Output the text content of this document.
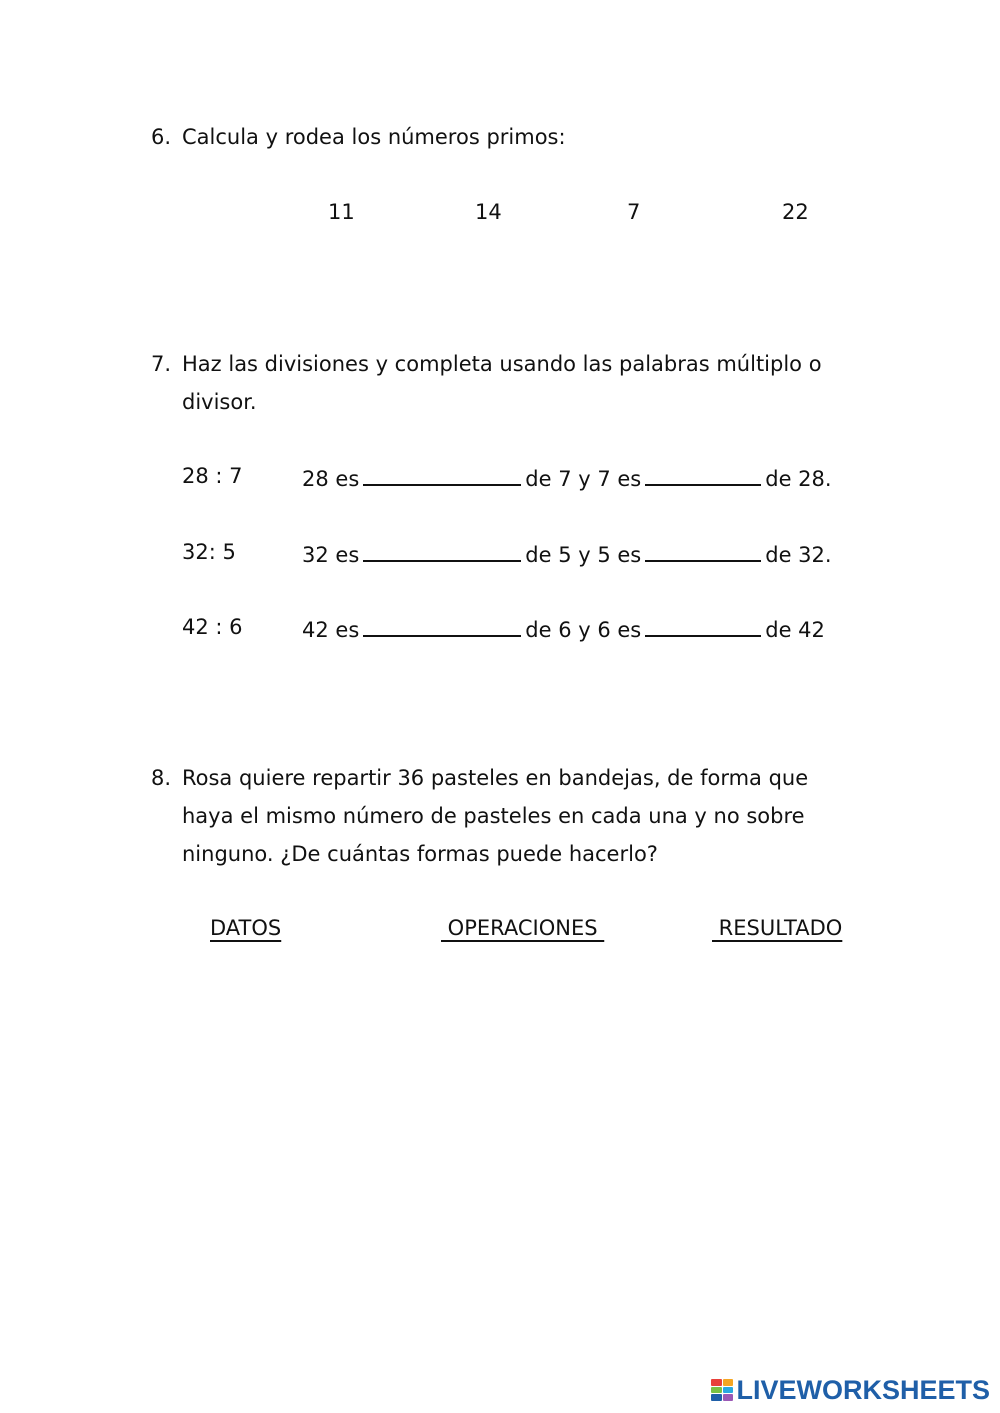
6. Calcula y rodea los números primos:
11	14	7	22
7. Haz las divisiones y completa usando las palabras múltiplo o
divisor.
28 : 7	28 es	de 7 y 7 es	de 28.
32: 5	32 es	de 5 y 5 es	de 32.
42 : 6	42 es	de 6 y 6 es	de 42
8. Rosa quiere repartir 36 pasteles en bandejas, de forma que
haya el mismo número de pasteles en cada una y no sobre
ninguno. ¿De cuántas formas puede hacerlo?
DATOS	OPERACIONES	RESULTADO
LIVEWORKSHEETS
